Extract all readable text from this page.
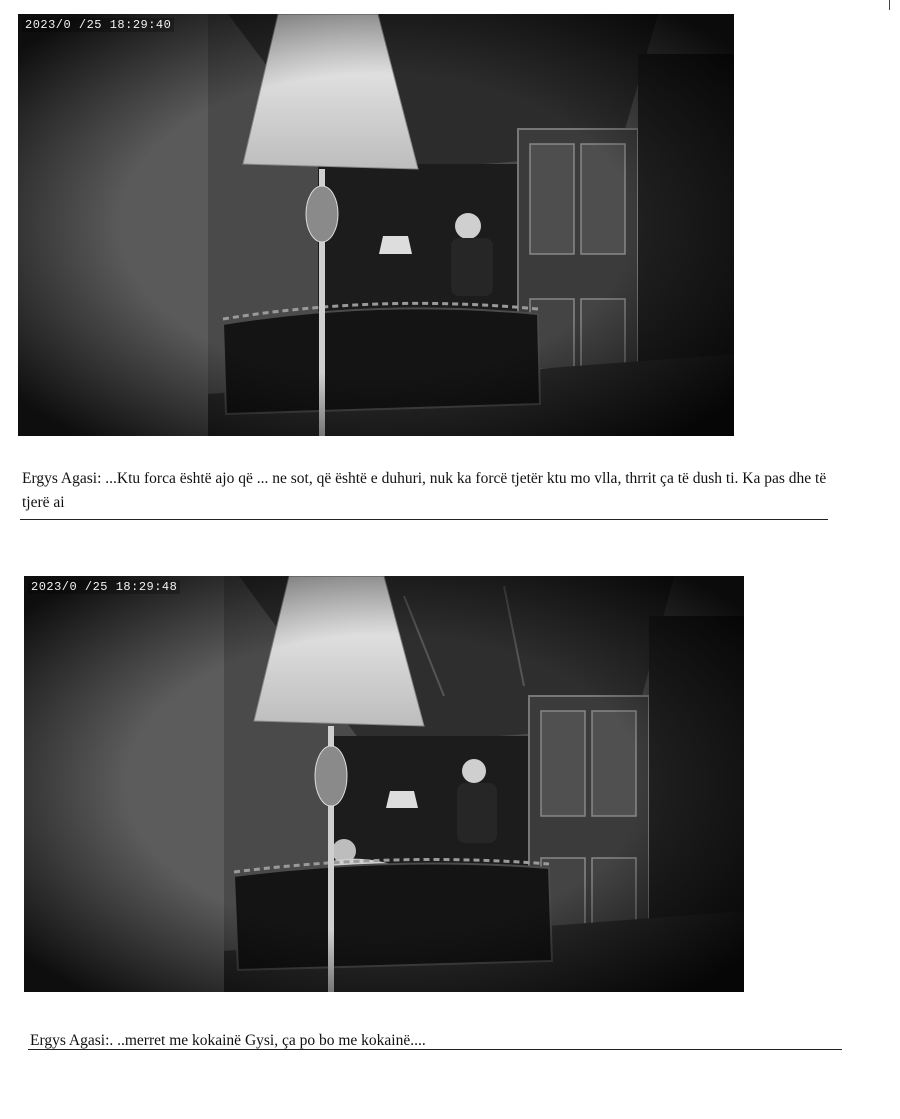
2023/0 /25 18:29:40
Ergys Agasi: ...Ktu forca është ajo që ... ne sot, që është e duhuri, nuk ka forcë tjetër ktu mo vlla, thrrit ça të dush ti. Ka pas dhe të tjerë ai
2023/0 /25 18:29:48
Ergys Agasi:. ..merret me kokainë Gysi, ça po bo me kokainë....
